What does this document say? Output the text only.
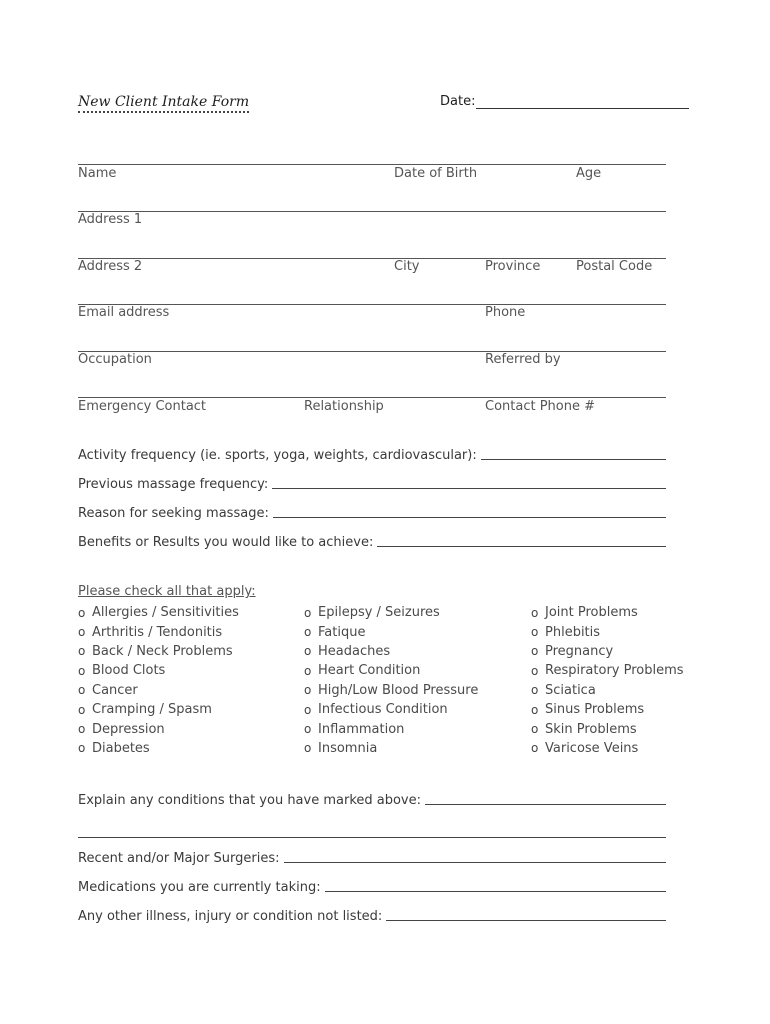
New Client Intake Form	Date:
Name	Date of Birth	Age
Address 1
Address 2	City	Province	Postal Code
Email address	Phone
Occupation	Referred by
Emergency Contact	Relationship	Contact Phone #
Activity frequency (ie. sports, yoga, weights, cardiovascular):
Previous massage frequency:
Reason for seeking massage:
Benefits or Results you would like to achieve:
Please check all that apply:
o Allergies / Sensitivities
o Arthritis / Tendonitis
o Back / Neck Problems
o Blood Clots
o Cancer
o Cramping / Spasm
o Depression
o Diabetes
o Epilepsy / Seizures
o Fatique
o Headaches
o Heart Condition
o High/Low Blood Pressure
o Infectious Condition
o Inflammation
o Insomnia
o Joint Problems
o Phlebitis
o Pregnancy
o Respiratory Problems
o Sciatica
o Sinus Problems
o Skin Problems
o Varicose Veins
Explain any conditions that you have marked above:
Recent and/or Major Surgeries:
Medications you are currently taking:
Any other illness, injury or condition not listed:
